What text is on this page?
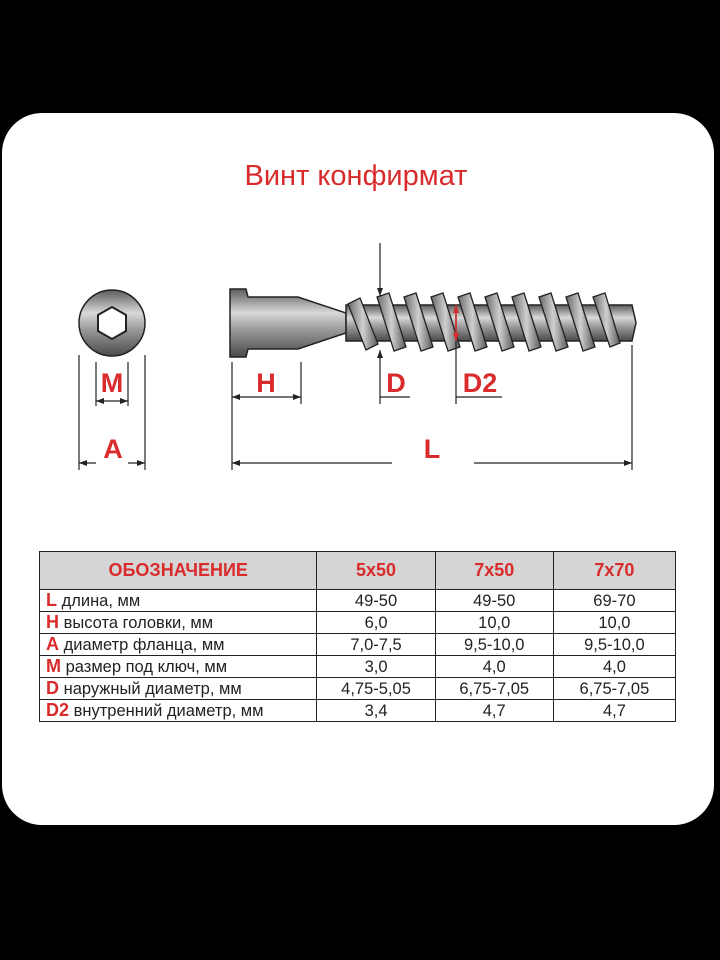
Винт конфирмат
M
A
H	D D2
L
ОБОЗНАЧЕНИЕ	5x50	7x50	7x70
L длина, мм	49-50	49-50	69-70
H высота головки, мм	6,0	10,0	10,0
A диаметр фланца, мм	7,0-7,5	9,5-10,0	9,5-10,0
M размер под ключ, мм	3,0	4,0	4,0
D наружный диаметр, мм	4,75-5,05	6,75-7,05	6,75-7,05
D2 внутренний диаметр, мм	3,4	4,7	4,7
